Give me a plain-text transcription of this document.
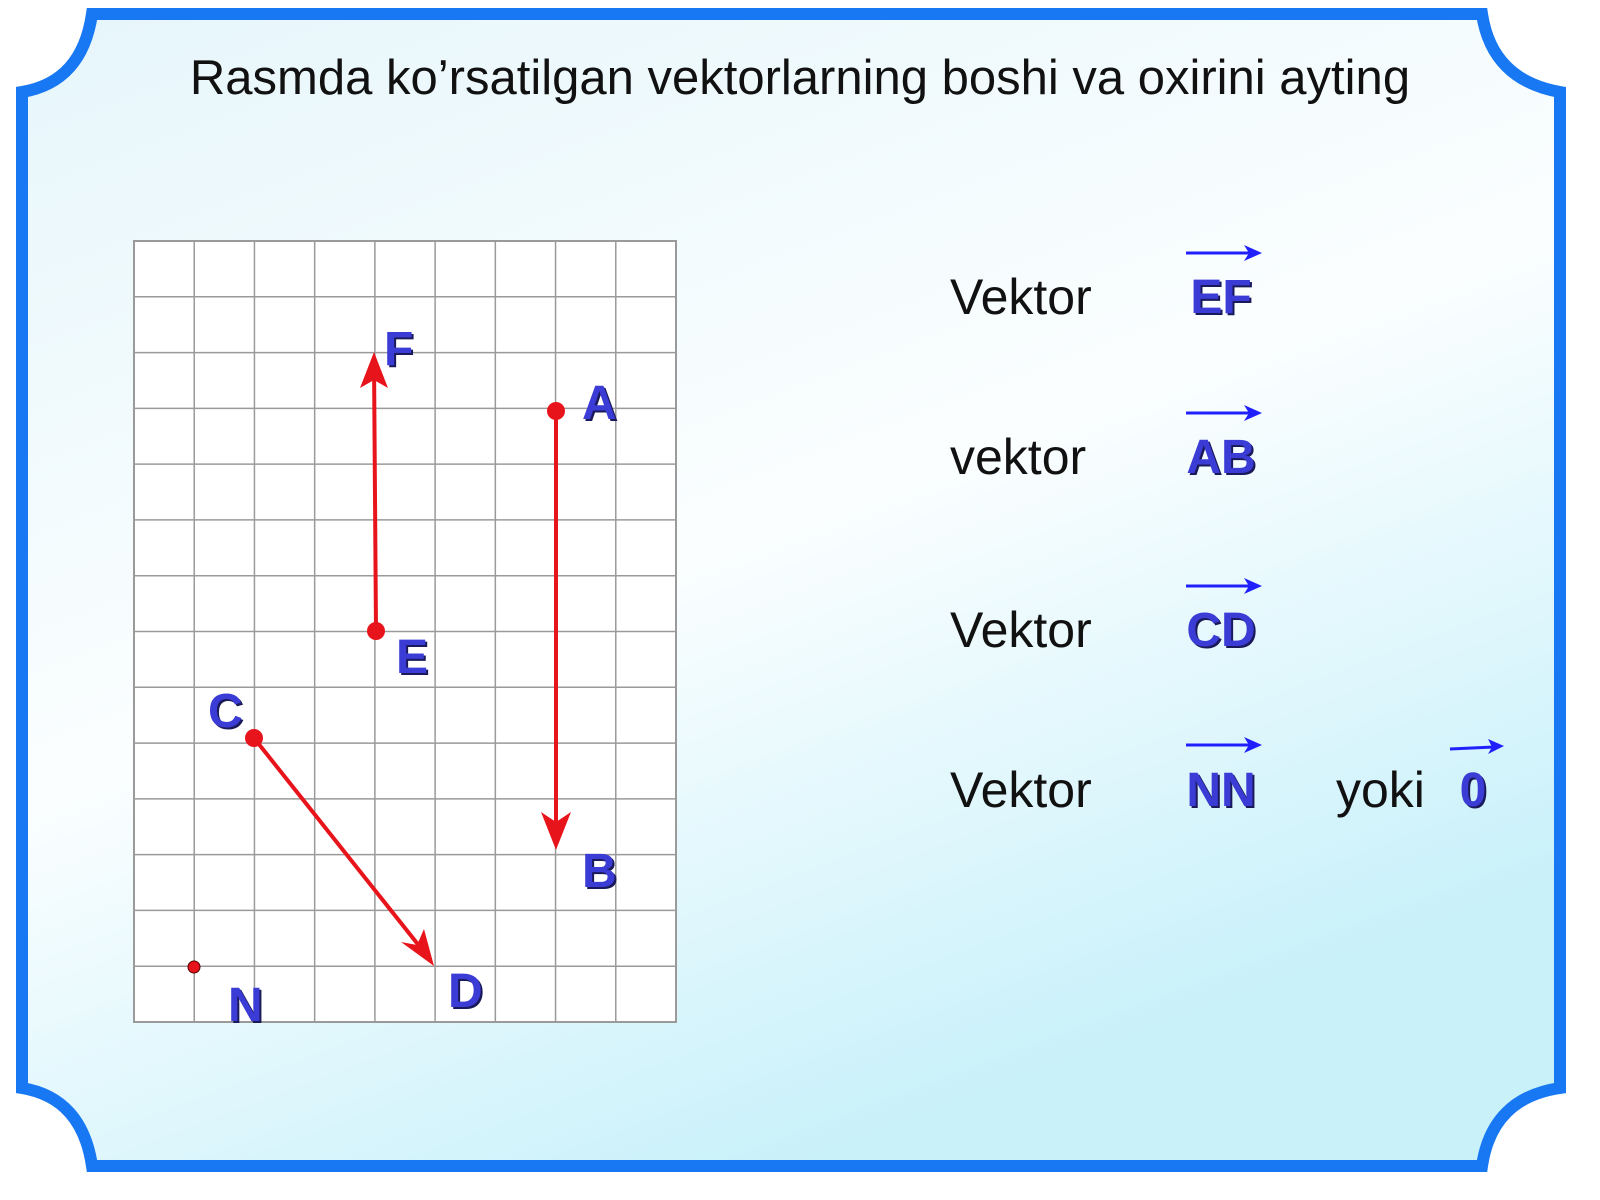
Rasmda ko’rsatilgan vektorlarning boshi va oxirini ayting
F
A
E
C
B
D
N
Vektor	EF
vektor	AB
Vektor	CD
Vektor	NN	yoki 0
